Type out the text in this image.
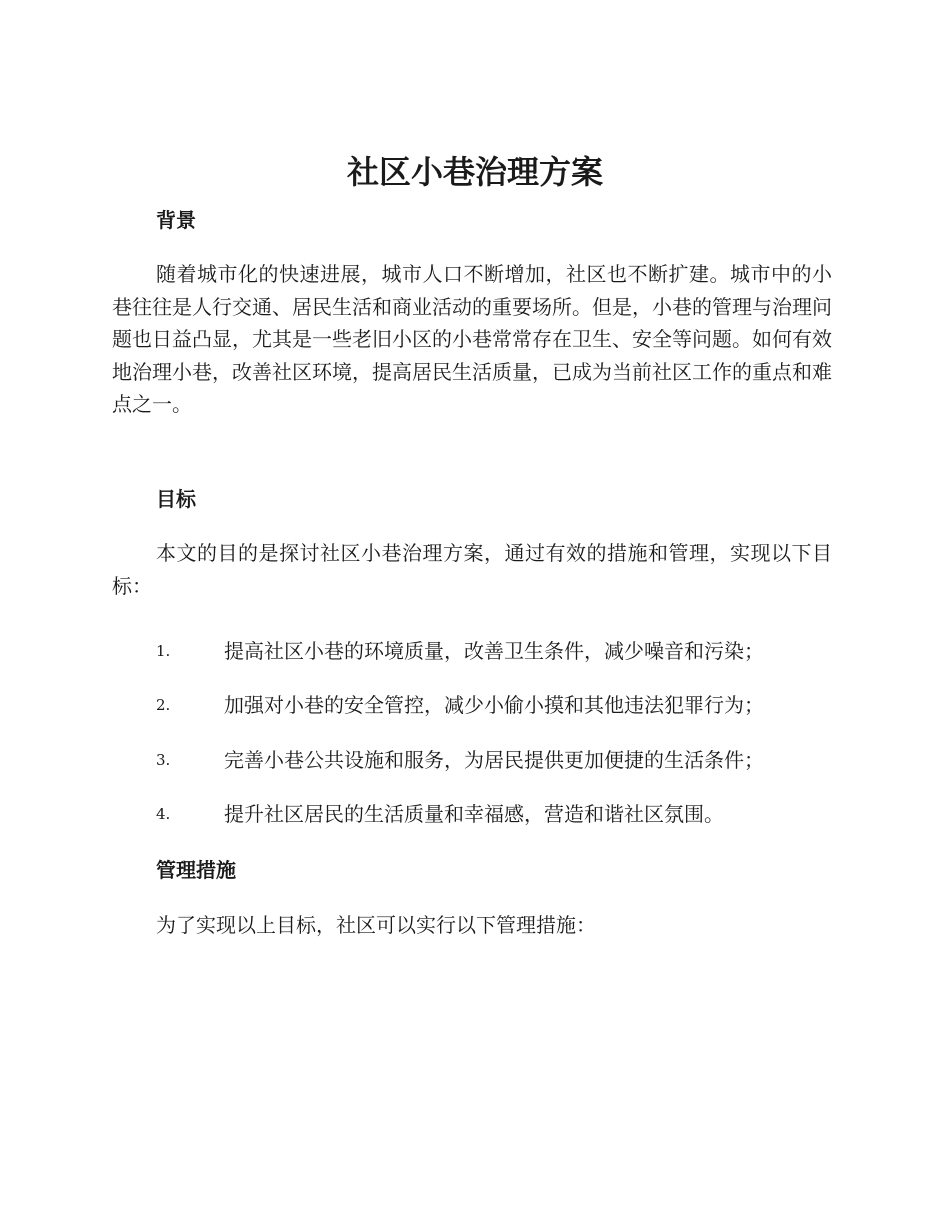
社区小巷治理方案
背景

随着城市化的快速进展，城市人口不断增加，社区也不断扩建。城市中的小巷往往是人行交通、居民生活和商业活动的重要场所。但是，小巷的管理与治理问题也日益凸显，尤其是一些老旧小区的小巷常常存在卫生、安全等问题。如何有效地治理小巷，改善社区环境，提高居民生活质量，已成为当前社区工作的重点和难点之一。

目标

本文的目的是探讨社区小巷治理方案，通过有效的措施和管理，实现以下目标：

1.	提高社区小巷的环境质量，改善卫生条件，减少噪音和污染；
2.	加强对小巷的安全管控，减少小偷小摸和其他违法犯罪行为；
3.	完善小巷公共设施和服务，为居民提供更加便捷的生活条件；
4.	提升社区居民的生活质量和幸福感，营造和谐社区氛围。
管理措施

为了实现以上目标，社区可以实行以下管理措施：
